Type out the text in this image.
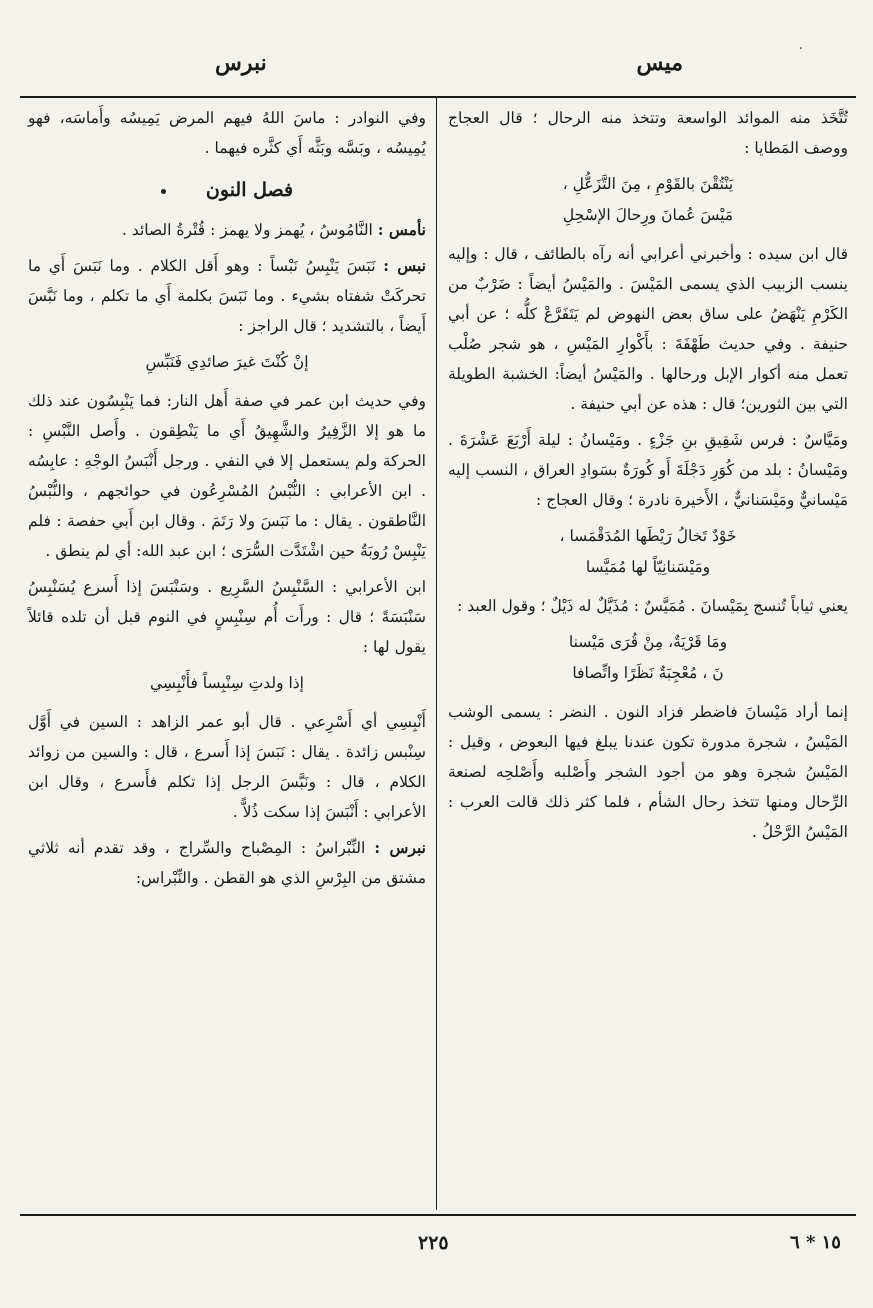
٠
ميس
نبرس

تُتَّخَذ منه الموائد الواسعة وتتخذ منه الرحال ؛ قال العجاج ووصف المَطايا :

يَنْتُقْنَ بالقَوْمِ ، مِنَ التَّزَعُّلِ ،
مَيْسَ عُمانَ ورِحالَ الإسْحِلِ

قال ابن سيده : وأخبرني أعرابي أنه رآه بالطائف ، قال : وإليه ينسب الزبيب الذي يسمى المَيْسَ . والمَيْسُ أيضاً : ضَرْبٌ من الكَرْمِ يَنْهَضُ على ساق بعض النهوض لم يَتَفَرَّعْ كلُّه ؛ عن أبي حنيفة . وفي حديث طَهْفَةَ : بأَكْوارِ المَيْسِ ، هو شجر صُلْب تعمل منه أكوار الإبل ورحالها . والمَيْسُ أيضاً: الخشبة الطويلة التي بين الثورين؛ قال : هذه عن أبي حنيفة .

ومَيَّاسٌ : فرس شَقِيقِ بنِ جَزْءٍ . ومَيْسانُ : ليلة أَرْبَعَ عَشْرَةَ . ومَيْسانُ : بلد من كُوَرِ دَجْلَةَ أَو كُورَةٌ بسَوادِ العراق ، النسب إليه مَيْسانيٌّ ومَيْسَنانيٌّ ، الأَخيرة نادرة ؛ وقال العجاج :

خَوْدٌ تَخالُ رَيْطَها المُدَقْمَسا ،
ومَيْسَنانِيّاً لها مُمَيَّسا

يعني ثياباً تُنسج بِمَيْسانَ . مُمَيَّسٌ : مُذَيَّلٌ له ذَيْلٌ ؛ وقول العبد :

ومَا قَرْيَةٌ، مِنْ قُرَى مَيْسنا
نَ ، مُعْجِبَةٌ نَظَرًا واتِّصافا

إنما أراد مَيْسانَ فاضطر فزاد النون . النضر : يسمى الوشب المَيْسُ ، شجرة مدورة تكون عندنا يبلغ فيها البعوض ، وقيل : المَيْسُ شجرة وهو من أجود الشجر وأَصْلبه وأَصْلحِه لصنعة الرِّحال ومنها تتخذ رحال الشأم ، فلما كثر ذلك قالت العرب : المَيْسُ الرَّحْلُ .

وفي النوادر : ماسَ اللهُ فيهم المرض يَمِيسُه وأَماسَه، فهو يُمِيسُه ، وبَسَّه وبَثَّه أَي كثَّره فيهما .

فصل النون

نأمس : النَّامُوسُ ، يُهمز ولا يهمز : قُتْرةُ الصائد .

نبس : نَبَسَ يَنْبِسُ نَبْساً : وهو أَقل الكلام . وما نَبَسَ أَي ما تحركَتْ شفتاه بشيء . وما نَبَسَ بكلمة أَي ما تكلم ، وما نَبَّسَ أَيضاً ، بالتشديد ؛ قال الراجز :

إنْ كُنْتَ غيرَ صائدِي فَنَبِّسِ

وفي حديث ابن عمر في صفة أَهل النار: فما يَنْبِسُون عند ذلك ما هو إلا الزَّفِيرُ والشَّهِيقُ أَي ما يَنْطِقون . وأَصل النَّبْسِ : الحركة ولم يستعمل إلا في النفي . ورجل أَنْبَسُ الوجْهِ : عابِسُه . ابن الأعرابي : النُّبْسُ المُسْرِعُون في حوائجهم ، والنُّبْسُ النَّاطقون . يقال : ما نَبَسَ ولا رَتَمَ . وقال ابن أَبي حفصة : فلم يَنْبِسْ رُوبَةُ حين اشْتَدَّت السُّرَى ؛ ابن عبد الله: أي لم ينطق .

ابن الأعرابي : السَّنْبِسُ السَّرِيع . وسَنْبَسَ إذا أَسرع يُسَنْبِسُ سَنْبَسَةً ؛ قال : ورأَت أُم سِنْبِسٍ في النوم قبل أن تلده قائلاً يقول لها :

إذا ولدتِ سِنْبِساً فأَنْبِسِي

أَنْبِسِي أي أَسْرِعي . قال أبو عمر الزاهد : السين في أَوَّل سِنْبس زائدة . يقال : نَبَسَ إذا أَسرع ، قال : والسين من زوائد الكلام ، قال : ونَبَّسَ الرجل إذا تكلم فأَسرع ، وقال ابن الأعرابي : أَنْبَسَ إذا سكت ذُلاًّ .

نبرس : النِّبْراسُ : المِصْباح والسِّراج ، وقد تقدم أنه ثلاثي مشتق من البِرْسِ الذي هو القطن . والنِّبْراس:

٢٢٥	١٥ * ٦
